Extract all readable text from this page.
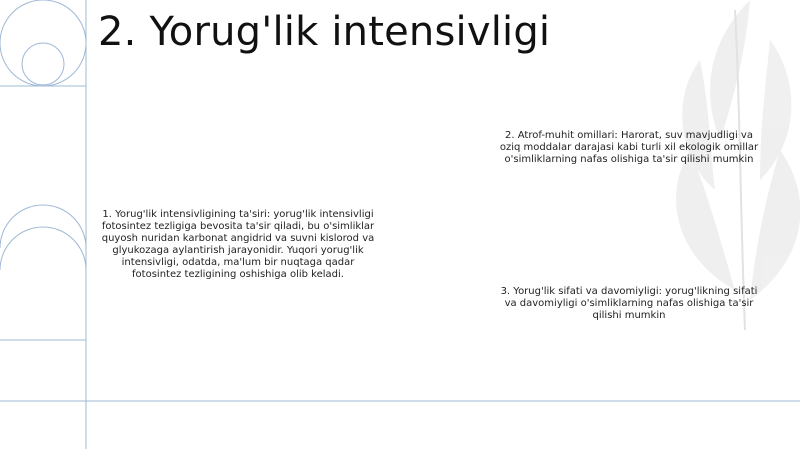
2. Yorug'lik intensivligi
1. Yorug'lik intensivligining ta'siri: yorug'lik intensivligi fotosintez tezligiga bevosita ta'sir qiladi, bu o'simliklar quyosh nuridan karbonat angidrid va suvni kislorod va glyukozaga aylantirish jarayonidir. Yuqori yorug'lik intensivligi, odatda, ma'lum bir nuqtaga qadar fotosintez tezligining oshishiga olib keladi.
2. Atrof-muhit omillari: Harorat, suv mavjudligi va oziq moddalar darajasi kabi turli xil ekologik omillar o'simliklarning nafas olishiga ta'sir qilishi mumkin
3. Yorug'lik sifati va davomiyligi: yorug'likning sifati va davomiyligi o'simliklarning nafas olishiga ta'sir qilishi mumkin
